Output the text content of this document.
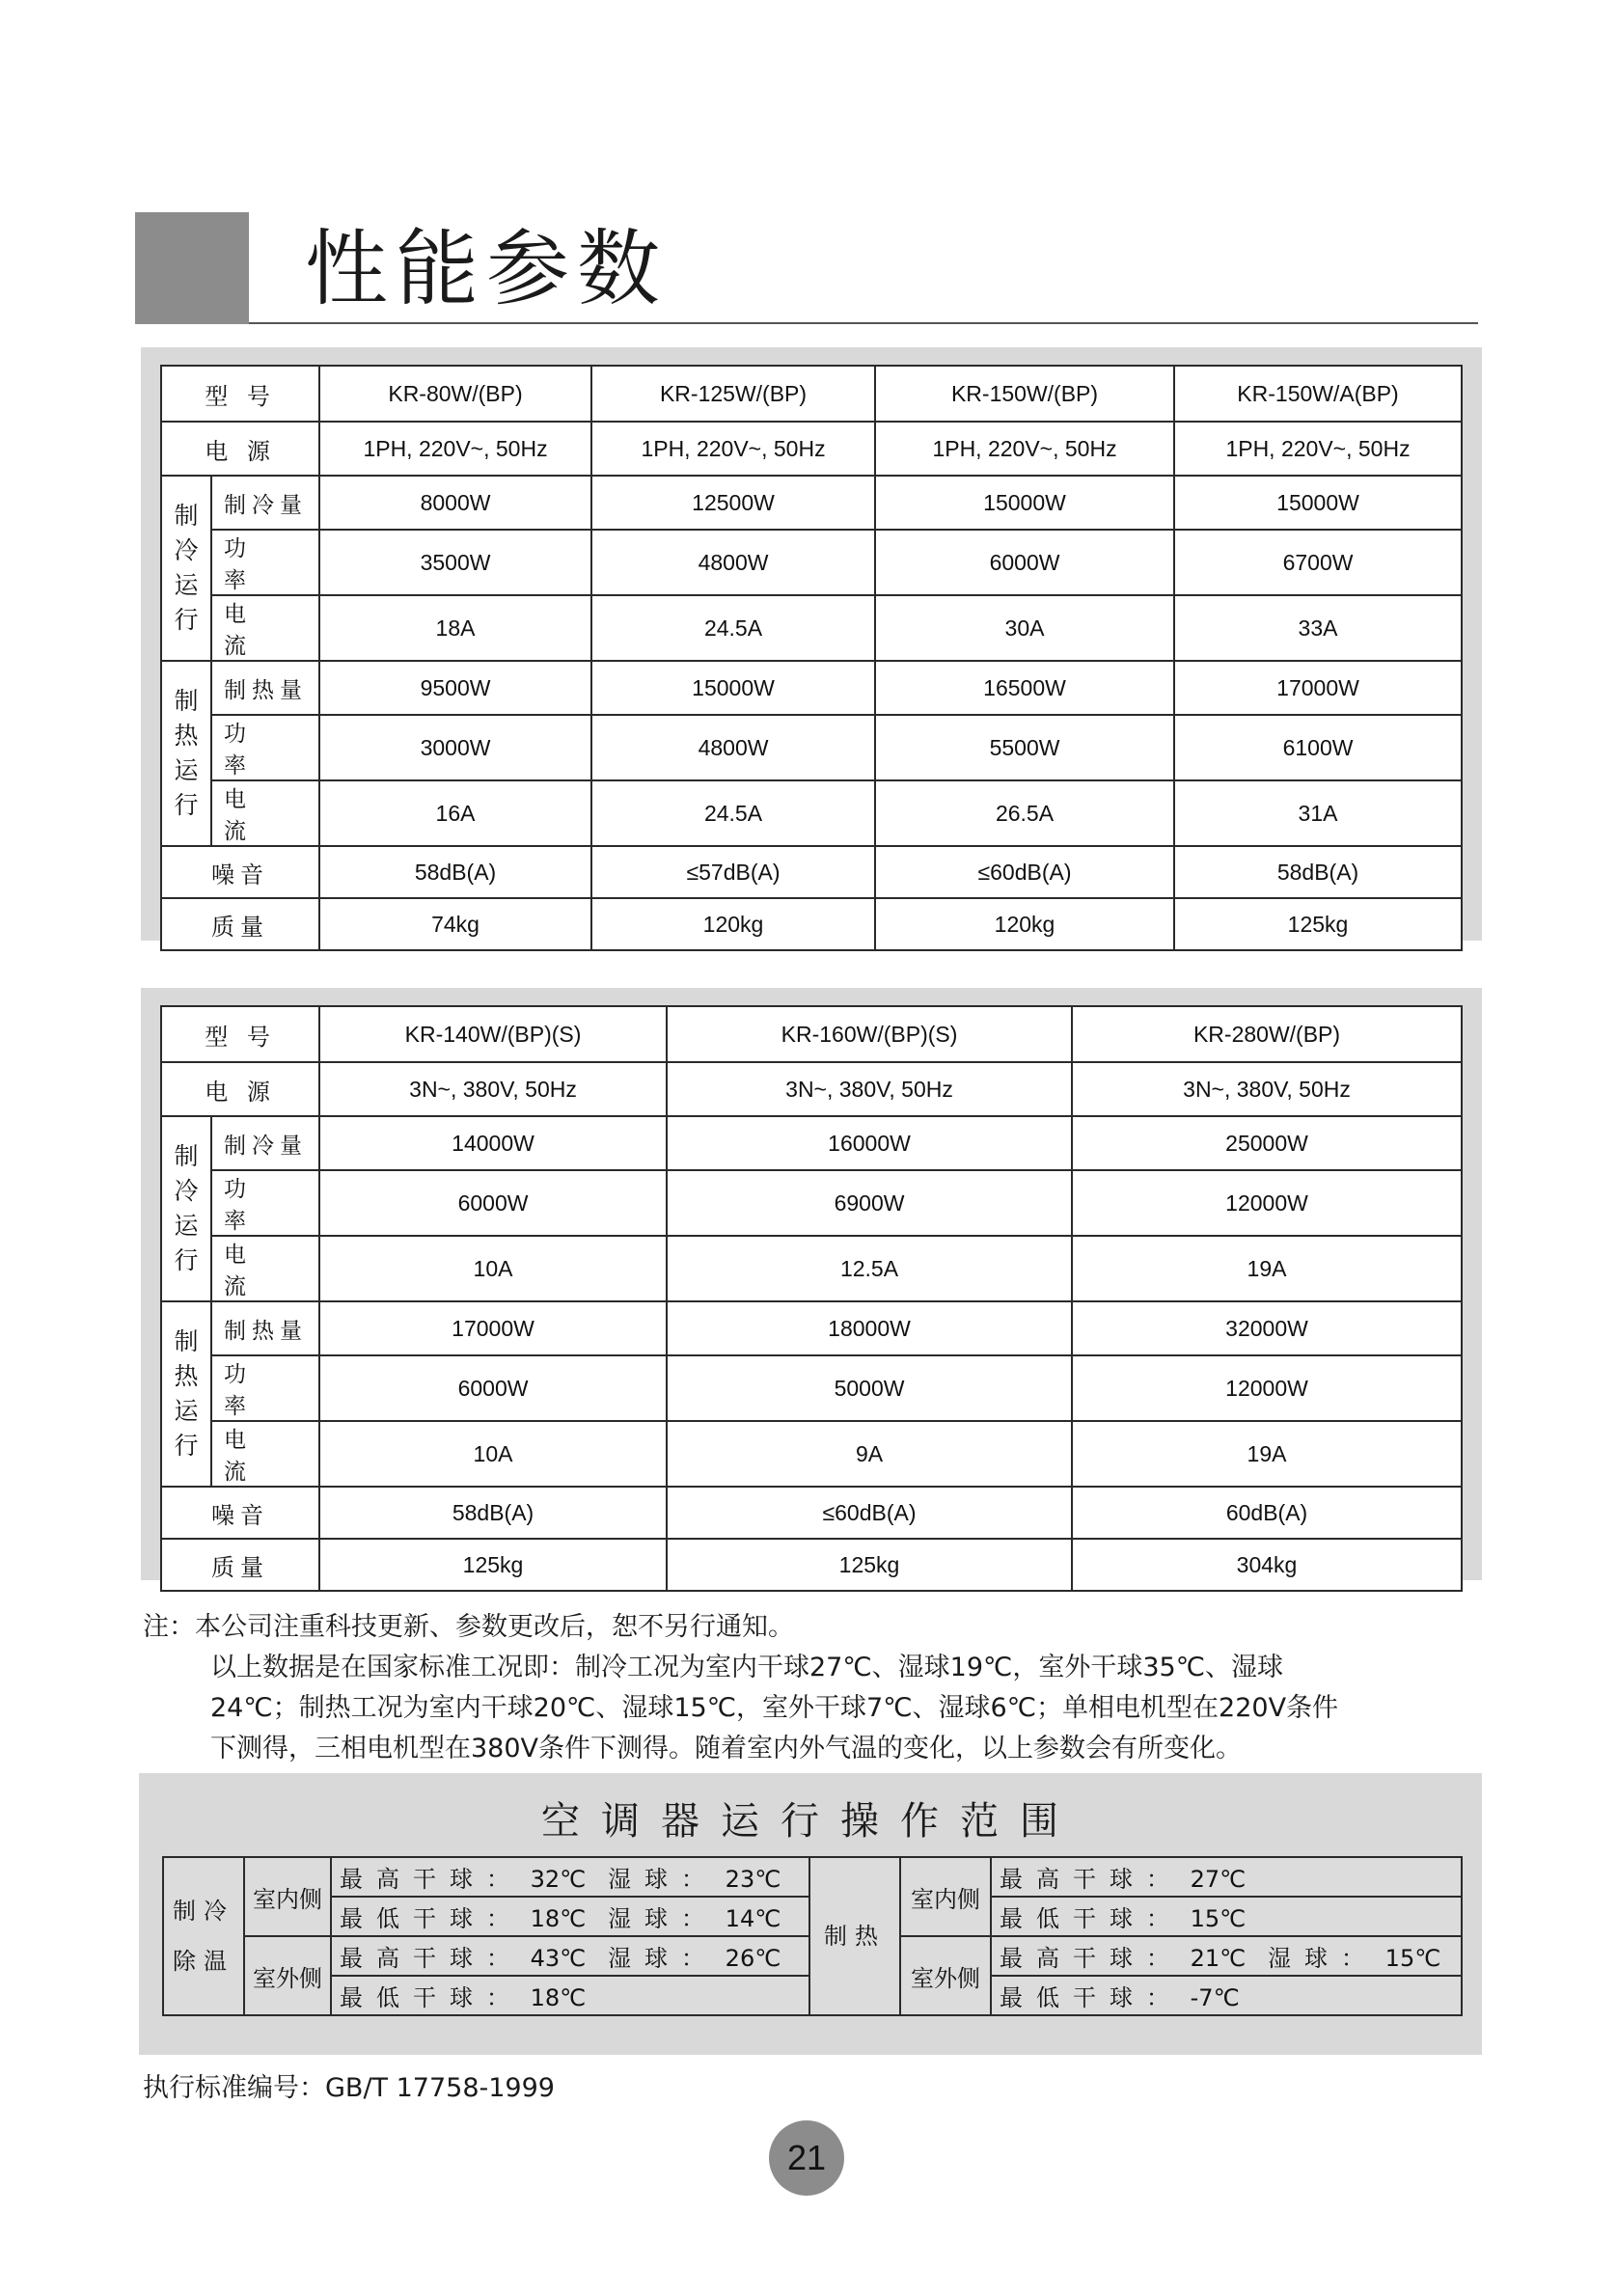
性能参数
型 号		KR-80W/(BP)	KR-125W/(BP)	KR-150W/(BP)	KR-150W/A(BP)
电 源		1PH, 220V~, 50Hz	1PH, 220V~, 50Hz	1PH, 220V~, 50Hz	1PH, 220V~, 50Hz
制冷运行	制冷量	8000W	12500W	15000W	15000W
	功 率	3500W	4800W	6000W	6700W
	电 流	18A	24.5A	30A	33A
制热运行	制热量	9500W	15000W	16500W	17000W
	功 率	3000W	4800W	5500W	6100W
	电 流	16A	24.5A	26.5A	31A
噪音		58dB(A)	≤57dB(A)	≤60dB(A)	58dB(A)
质量		74kg	120kg	120kg	125kg
型 号		KR-140W/(BP)(S)	KR-160W/(BP)(S)	KR-280W/(BP)
电 源		3N~, 380V, 50Hz	3N~, 380V, 50Hz	3N~, 380V, 50Hz
制冷运行	制冷量	14000W	16000W	25000W
	功 率	6000W	6900W	12000W
	电 流	10A	12.5A	19A
制热运行	制热量	17000W	18000W	32000W
	功 率	6000W	5000W	12000W
	电 流	10A	9A	19A
噪音		58dB(A)	≤60dB(A)	60dB(A)
质量		125kg	125kg	304kg
注：本公司注重科技更新、参数更改后，恕不另行通知。
以上数据是在国家标准工况即：制冷工况为室内干球27℃、湿球19℃，室外干球35℃、湿球
24℃；制热工况为室内干球20℃、湿球15℃，室外干球7℃、湿球6℃；单相电机型在220V条件
下测得，三相电机型在380V条件下测得。随着室内外气温的变化，以上参数会有所变化。
空调器运行操作范围
制冷
除温	室内侧	最高干球： 32℃ 湿球： 23℃	制热	室内侧	最高干球： 27℃
		最低干球： 18℃ 湿球： 14℃			最低干球： 15℃
	室外侧	最高干球： 43℃ 湿球： 26℃		室外侧	最高干球： 21℃ 湿球： 15℃
		最低干球： 18℃			最低干球： -7℃
执行标准编号：GB/T 17758-1999
21
